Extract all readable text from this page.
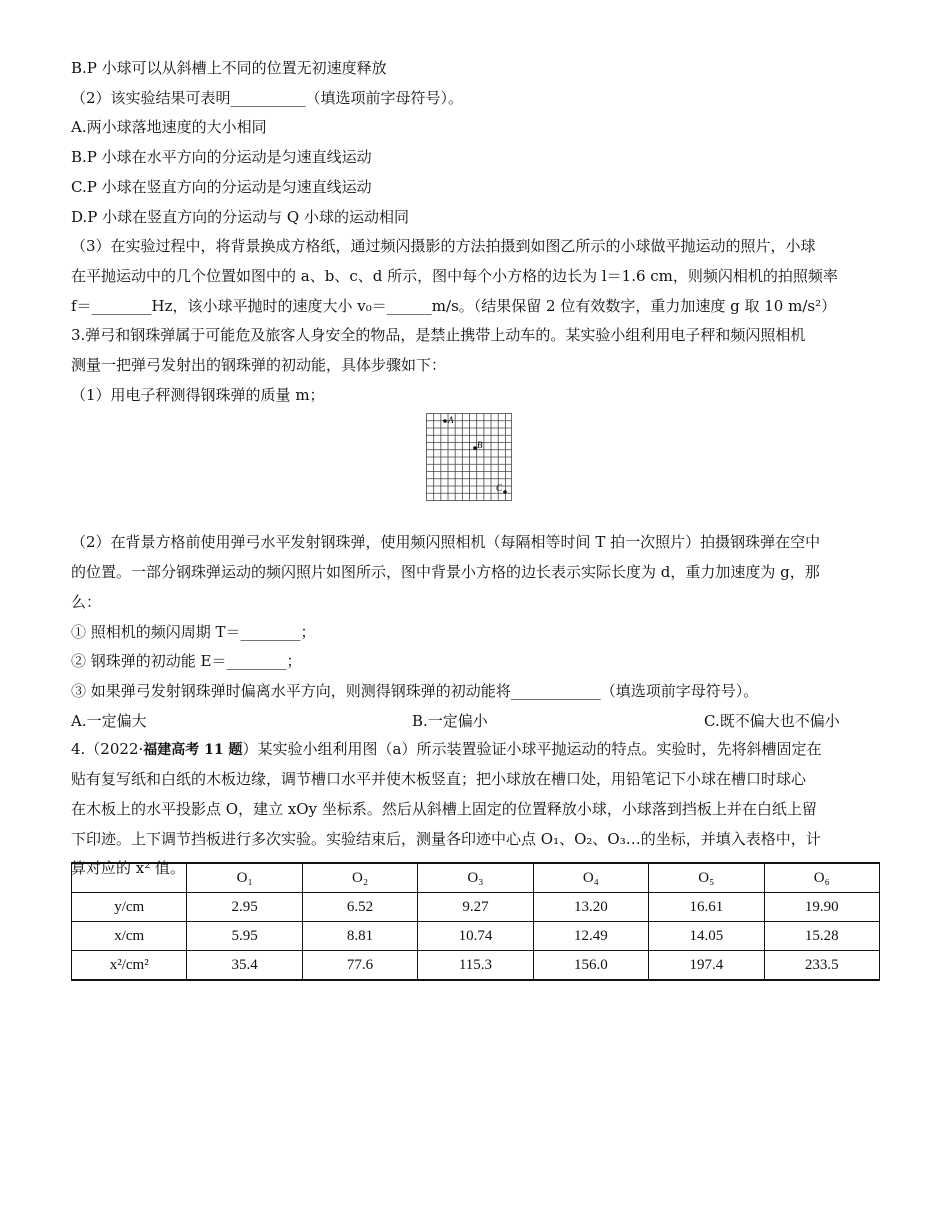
B.P 小球可以从斜槽上不同的位置无初速度释放
（2）该实验结果可表明__________（填选项前字母符号）。
A.两小球落地速度的大小相同
B.P 小球在水平方向的分运动是匀速直线运动
C.P 小球在竖直方向的分运动是匀速直线运动
D.P 小球在竖直方向的分运动与 Q 小球的运动相同
（3）在实验过程中，将背景换成方格纸，通过频闪摄影的方法拍摄到如图乙所示的小球做平抛运动的照片，小球
在平抛运动中的几个位置如图中的 a、b、c、d 所示，图中每个小方格的边长为 l＝1.6 cm，则频闪相机的拍照频率
f＝________Hz，该小球平抛时的速度大小 v₀＝______m/s。（结果保留 2 位有效数字，重力加速度 g 取 10 m/s²）
3.弹弓和钢珠弹属于可能危及旅客人身安全的物品，是禁止携带上动车的。某实验小组利用电子秤和频闪照相机
测量一把弹弓发射出的钢珠弹的初动能，具体步骤如下：
（1）用电子秤测得钢珠弹的质量 m；
（2）在背景方格前使用弹弓水平发射钢珠弹，使用频闪照相机（每隔相等时间 T 拍一次照片）拍摄钢珠弹在空中
的位置。一部分钢珠弹运动的频闪照片如图所示，图中背景小方格的边长表示实际长度为 d，重力加速度为 g，那
么：
① 照相机的频闪周期 T＝________；
② 钢珠弹的初动能 E＝________；
③ 如果弹弓发射钢珠弹时偏离水平方向，则测得钢珠弹的初动能将____________（填选项前字母符号）。
A.一定偏大	B.一定偏小	C.既不偏大也不偏小
4.（2022·福建高考 11 题）某实验小组利用图（a）所示装置验证小球平抛运动的特点。实验时，先将斜槽固定在
贴有复写纸和白纸的木板边缘，调节槽口水平并使木板竖直；把小球放在槽口处，用铅笔记下小球在槽口时球心
在木板上的水平投影点 O，建立 xOy 坐标系。然后从斜槽上固定的位置释放小球，小球落到挡板上并在白纸上留
下印迹。上下调节挡板进行多次实验。实验结束后，测量各印迹中心点 O₁、O₂、O₃…的坐标，并填入表格中，计
算对应的 x² 值。
A
B
C
	O₁	O₂	O₃	O₄	O₅	O₆
y/cm	2.95	6.52	9.27	13.20	16.61	19.90
x/cm	5.95	8.81	10.74	12.49	14.05	15.28
x²/cm²	35.4	77.6	115.3	156.0	197.4	233.5
